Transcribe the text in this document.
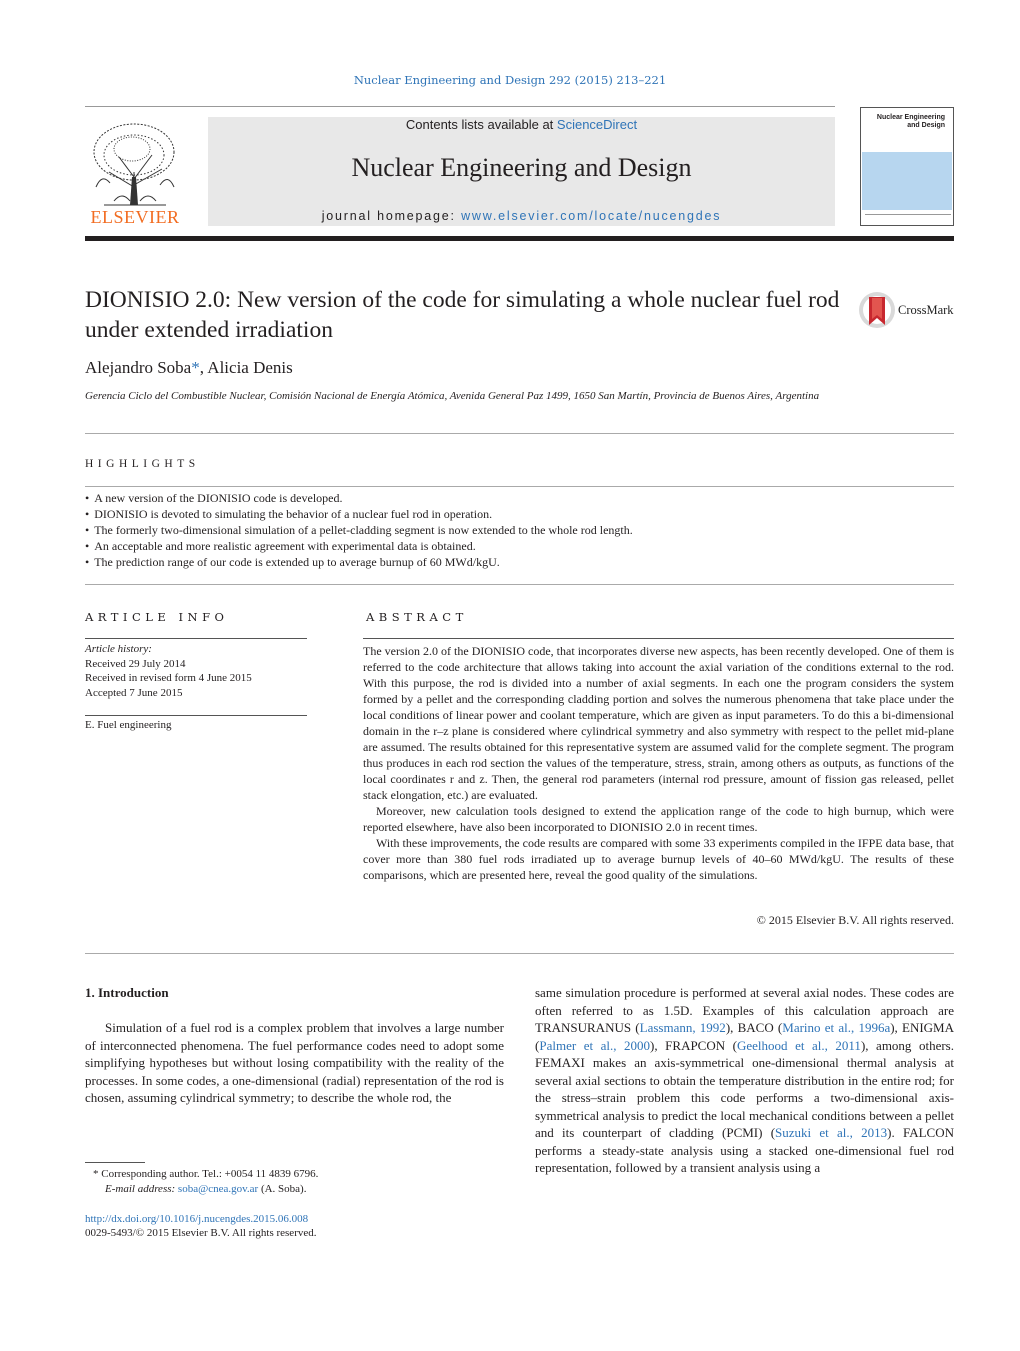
Nuclear Engineering and Design 292 (2015) 213–221
ELSEVIER
Contents lists available at ScienceDirect
Nuclear Engineering and Design
journal homepage: www.elsevier.com/locate/nucengdes
Nuclear Engineering and Design
DIONISIO 2.0: New version of the code for simulating a whole nuclear fuel rod under extended irradiation
CrossMark
Alejandro Soba*, Alicia Denis
Gerencia Ciclo del Combustible Nuclear, Comisión Nacional de Energía Atómica, Avenida General Paz 1499, 1650 San Martín, Provincia de Buenos Aires, Argentina
HIGHLIGHTS
• A new version of the DIONISIO code is developed.
• DIONISIO is devoted to simulating the behavior of a nuclear fuel rod in operation.
• The formerly two-dimensional simulation of a pellet-cladding segment is now extended to the whole rod length.
• An acceptable and more realistic agreement with experimental data is obtained.
• The prediction range of our code is extended up to average burnup of 60 MWd/kgU.
ARTICLE INFO
Article history:
Received 29 July 2014
Received in revised form 4 June 2015
Accepted 7 June 2015
E. Fuel engineering
ABSTRACT

The version 2.0 of the DIONISIO code, that incorporates diverse new aspects, has been recently developed. One of them is referred to the code architecture that allows taking into account the axial variation of the conditions external to the rod. With this purpose, the rod is divided into a number of axial segments. In each one the program considers the system formed by a pellet and the corresponding cladding portion and solves the numerous phenomena that take place under the local conditions of linear power and coolant temperature, which are given as input parameters. To do this a bi-dimensional domain in the r–z plane is considered where cylindrical symmetry and also symmetry with respect to the pellet mid-plane are assumed. The results obtained for this representative system are assumed valid for the complete segment. The program thus produces in each rod section the values of the temperature, stress, strain, among others as outputs, as functions of the local coordinates r and z. Then, the general rod parameters (internal rod pressure, amount of fission gas released, pellet stack elongation, etc.) are evaluated.

Moreover, new calculation tools designed to extend the application range of the code to high burnup, which were reported elsewhere, have also been incorporated to DIONISIO 2.0 in recent times.

With these improvements, the code results are compared with some 33 experiments compiled in the IFPE data base, that cover more than 380 fuel rods irradiated up to average burnup levels of 40–60 MWd/kgU. The results of these comparisons, which are presented here, reveal the good quality of the simulations.

© 2015 Elsevier B.V. All rights reserved.
1. Introduction
Simulation of a fuel rod is a complex problem that involves a large number of interconnected phenomena. The fuel performance codes need to adopt some simplifying hypotheses but without losing compatibility with the reality of the processes. In some codes, a one-dimensional (radial) representation of the rod is chosen, assuming cylindrical symmetry; to describe the whole rod, the
same simulation procedure is performed at several axial nodes. These codes are often referred to as 1.5D. Examples of this calculation approach are TRANSURANUS (Lassmann, 1992), BACO (Marino et al., 1996a), ENIGMA (Palmer et al., 2000), FRAPCON (Geelhood et al., 2011), among others. FEMAXI makes an axis-symmetrical one-dimensional thermal analysis at several axial sections to obtain the temperature distribution in the entire rod; for the stress–strain problem this code performs a two-dimensional axis-symmetrical analysis to predict the local mechanical conditions between a pellet and its counterpart of cladding (PCMI) (Suzuki et al., 2013). FALCON performs a steady-state analysis using a stacked one-dimensional fuel rod representation, followed by a transient analysis using a
* Corresponding author. Tel.: +0054 11 4839 6796.
E-mail address: soba@cnea.gov.ar (A. Soba).
http://dx.doi.org/10.1016/j.nucengdes.2015.06.008
0029-5493/© 2015 Elsevier B.V. All rights reserved.
